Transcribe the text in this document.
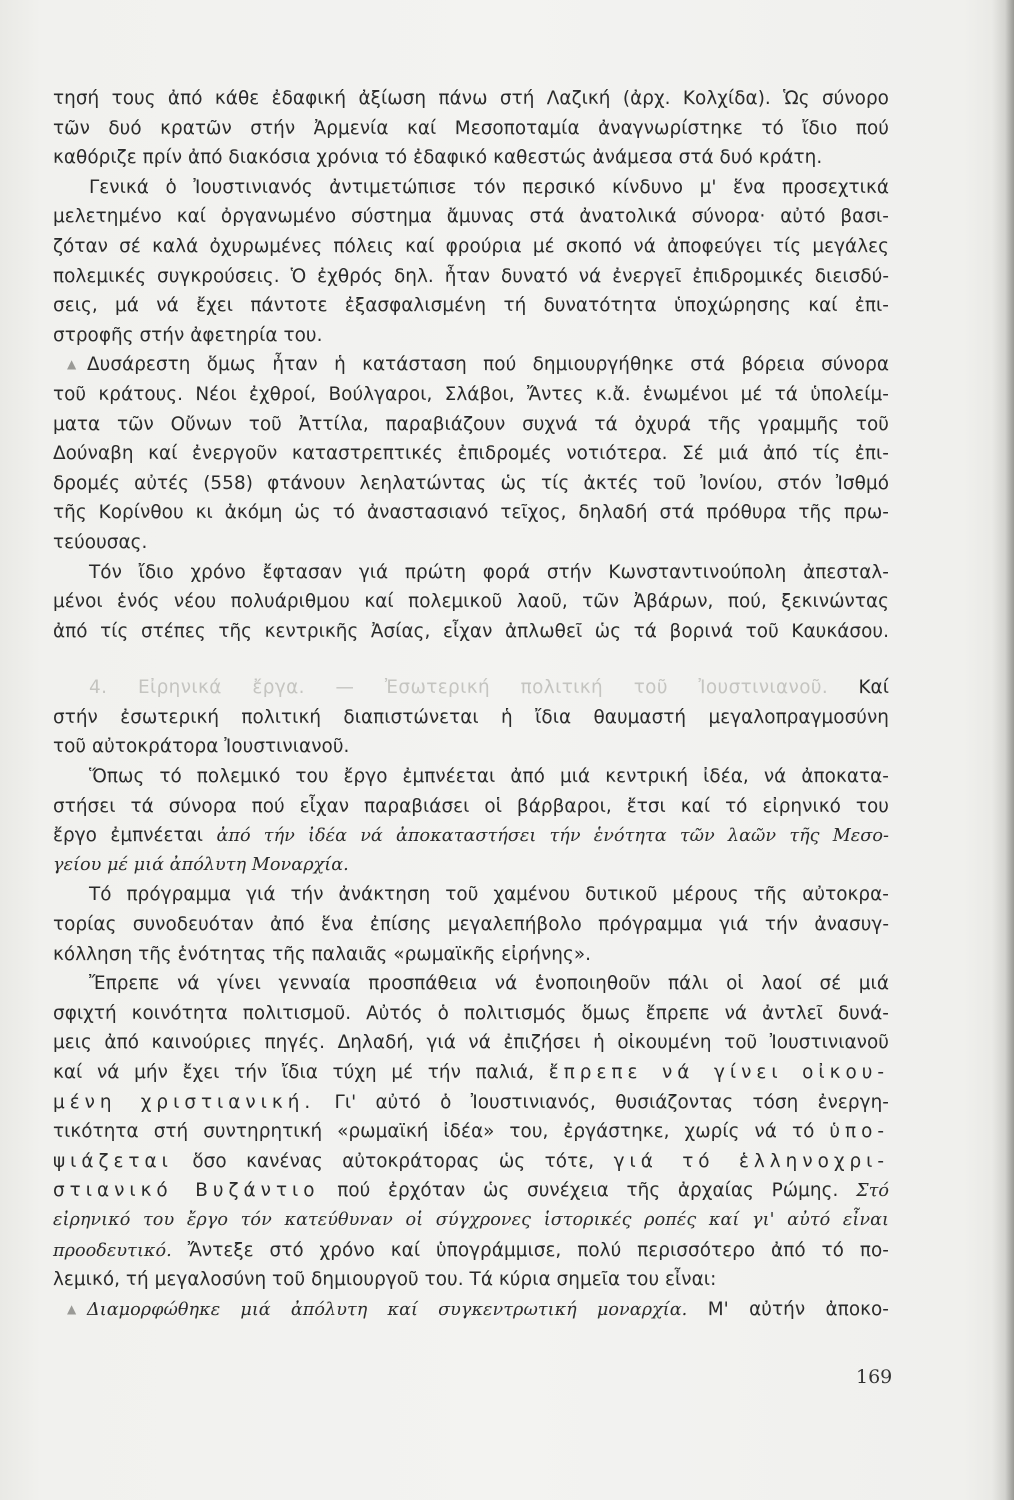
τησή τους ἀπό κάθε ἐδαφική ἀξίωση πάνω στή Λαζική (ἀρχ. Κολχίδα). Ὡς σύνορο
τῶν δυό κρατῶν στήν Ἀρμενία καί Μεσοποταμία ἀναγνωρίστηκε τό ἴδιο πού
καθόριζε πρίν ἀπό διακόσια χρόνια τό ἐδαφικό καθεστώς ἀνάμεσα στά δυό κράτη.
Γενικά ὁ Ἰουστινιανός ἀντιμετώπισε τόν περσικό κίνδυνο μ' ἕνα προσεχτικά
μελετημένο καί ὀργανωμένο σύστημα ἄμυνας στά ἀνατολικά σύνορα· αὐτό βασι-
ζόταν σέ καλά ὀχυρωμένες πόλεις καί φρούρια μέ σκοπό νά ἀποφεύγει τίς μεγάλες
πολεμικές συγκρούσεις. Ὁ ἐχθρός δηλ. ἦταν δυνατό νά ἐνεργεῖ ἐπιδρομικές διεισδύ-
σεις, μά νά ἔχει πάντοτε ἐξασφαλισμένη τή δυνατότητα ὑποχώρησης καί ἐπι-
στροφῆς στήν ἀφετηρία του.
▲ Δυσάρεστη ὅμως ἦταν ἡ κατάσταση πού δημιουργήθηκε στά βόρεια σύνορα
τοῦ κράτους. Νέοι ἐχθροί, Βούλγαροι, Σλάβοι, Ἄντες κ.ἄ. ἑνωμένοι μέ τά ὑπολείμ-
ματα τῶν Οὔνων τοῦ Ἀττίλα, παραβιάζουν συχνά τά ὀχυρά τῆς γραμμῆς τοῦ
Δούναβη καί ἐνεργοῦν καταστρεπτικές ἐπιδρομές νοτιότερα. Σέ μιά ἀπό τίς ἐπι-
δρομές αὐτές (558) φτάνουν λεηλατώντας ὡς τίς ἀκτές τοῦ Ἰονίου, στόν Ἰσθμό
τῆς Κορίνθου κι ἀκόμη ὡς τό ἀναστασιανό τεῖχος, δηλαδή στά πρόθυρα τῆς πρω-
τεύουσας.
Τόν ἴδιο χρόνο ἔφτασαν γιά πρώτη φορά στήν Κωνσταντινούπολη ἀπεσταλ-
μένοι ἑνός νέου πολυάριθμου καί πολεμικοῦ λαοῦ, τῶν Ἀβάρων, πού, ξεκινώντας
ἀπό τίς στέπες τῆς κεντρικῆς Ἀσίας, εἶχαν ἀπλωθεῖ ὡς τά βορινά τοῦ Καυκάσου.
4. Εἰρηνικά ἔργα. — Ἐσωτερική πολιτική τοῦ Ἰουστινιανοῦ. Καί
στήν ἐσωτερική πολιτική διαπιστώνεται ἡ ἴδια θαυμαστή μεγαλοπραγμοσύνη
τοῦ αὐτοκράτορα Ἰουστινιανοῦ.
Ὅπως τό πολεμικό του ἔργο ἐμπνέεται ἀπό μιά κεντρική ἰδέα, νά ἀποκατα-
στήσει τά σύνορα πού εἶχαν παραβιάσει οἱ βάρβαροι, ἔτσι καί τό εἰρηνικό του
ἔργο ἐμπνέεται ἀπό τήν ἰδέα νά ἀποκαταστήσει τήν ἑνότητα τῶν λαῶν τῆς Μεσο-
γείου μέ μιά ἀπόλυτη Μοναρχία.
Τό πρόγραμμα γιά τήν ἀνάκτηση τοῦ χαμένου δυτικοῦ μέρους τῆς αὐτοκρα-
τορίας συνοδευόταν ἀπό ἕνα ἐπίσης μεγαλεπήβολο πρόγραμμα γιά τήν ἀνασυγ-
κόλληση τῆς ἑνότητας τῆς παλαιᾶς «ρωμαϊκῆς εἰρήνης».
Ἔπρεπε νά γίνει γενναία προσπάθεια νά ἑνοποιηθοῦν πάλι οἱ λαοί σέ μιά
σφιχτή κοινότητα πολιτισμοῦ. Αὐτός ὁ πολιτισμός ὅμως ἔπρεπε νά ἀντλεῖ δυνά-
μεις ἀπό καινούριες πηγές. Δηλαδή, γιά νά ἐπιζήσει ἡ οἰκουμένη τοῦ Ἰουστινιανοῦ
καί νά μήν ἔχει τήν ἴδια τύχη μέ τήν παλιά, ἔπρεπε νά γίνει οἰκου-
μένη χριστιανική. Γι' αὐτό ὁ Ἰουστινιανός, θυσιάζοντας τόση ἐνεργη-
τικότητα στή συντηρητική «ρωμαϊκή ἰδέα» του, ἐργάστηκε, χωρίς νά τό ὑπο-
ψιάζεται ὅσο κανένας αὐτοκράτορας ὡς τότε, γιά τό ἑλληνοχρι-
στιανικό Βυζάντιο πού ἐρχόταν ὡς συνέχεια τῆς ἀρχαίας Ρώμης. Στό
εἰρηνικό του ἔργο τόν κατεύθυναν οἱ σύγχρονες ἱστορικές ροπές καί γι' αὐτό εἶναι
προοδευτικό. Ἄντεξε στό χρόνο καί ὑπογράμμισε, πολύ περισσότερο ἀπό τό πο-
λεμικό, τή μεγαλοσύνη τοῦ δημιουργοῦ του. Τά κύρια σημεῖα του εἶναι:
▲ Διαμορφώθηκε μιά ἀπόλυτη καί συγκεντρωτική μοναρχία. Μ' αὐτήν ἀποκο-
169
